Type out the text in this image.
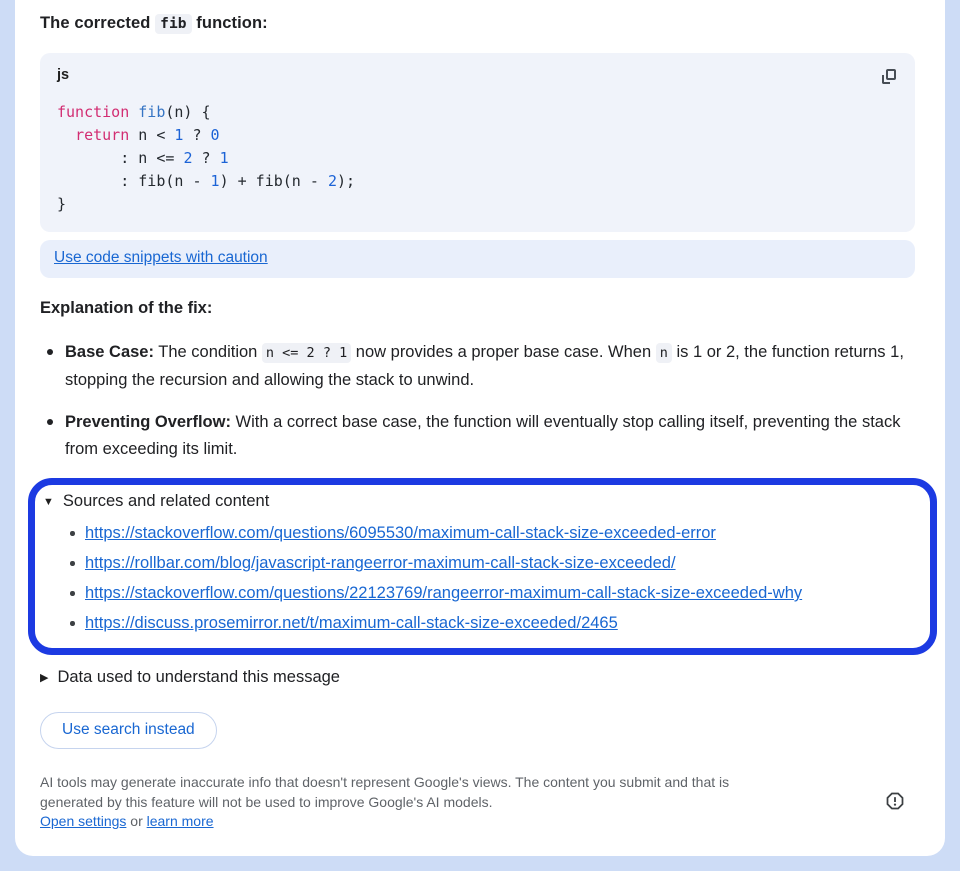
The corrected fib function:

js
function fib(n) {
return n < 1 ? 0
: n <= 2 ? 1
: fib(n - 1) + fib(n - 2);
}
Use code snippets with caution

Explanation of the fix:

Base Case: The condition n <= 2 ? 1 now provides a proper base case. When n is 1 or 2, the function returns 1, stopping the recursion and allowing the stack to unwind.
Preventing Overflow: With a correct base case, the function will eventually stop calling itself, preventing the stack from exceeding its limit.
▼ Sources and related content
https://stackoverflow.com/questions/6095530/maximum-call-stack-size-exceeded-error
https://rollbar.com/blog/javascript-rangeerror-maximum-call-stack-size-exceeded/
https://stackoverflow.com/questions/22123769/rangeerror-maximum-call-stack-size-exceeded-why
https://discuss.prosemirror.net/t/maximum-call-stack-size-exceeded/2465
▶ Data used to understand this message
Use search instead

AI tools may generate inaccurate info that doesn't represent Google's views. The content you submit and that is generated by this feature will not be used to improve Google's AI models.
Open settings or learn more
